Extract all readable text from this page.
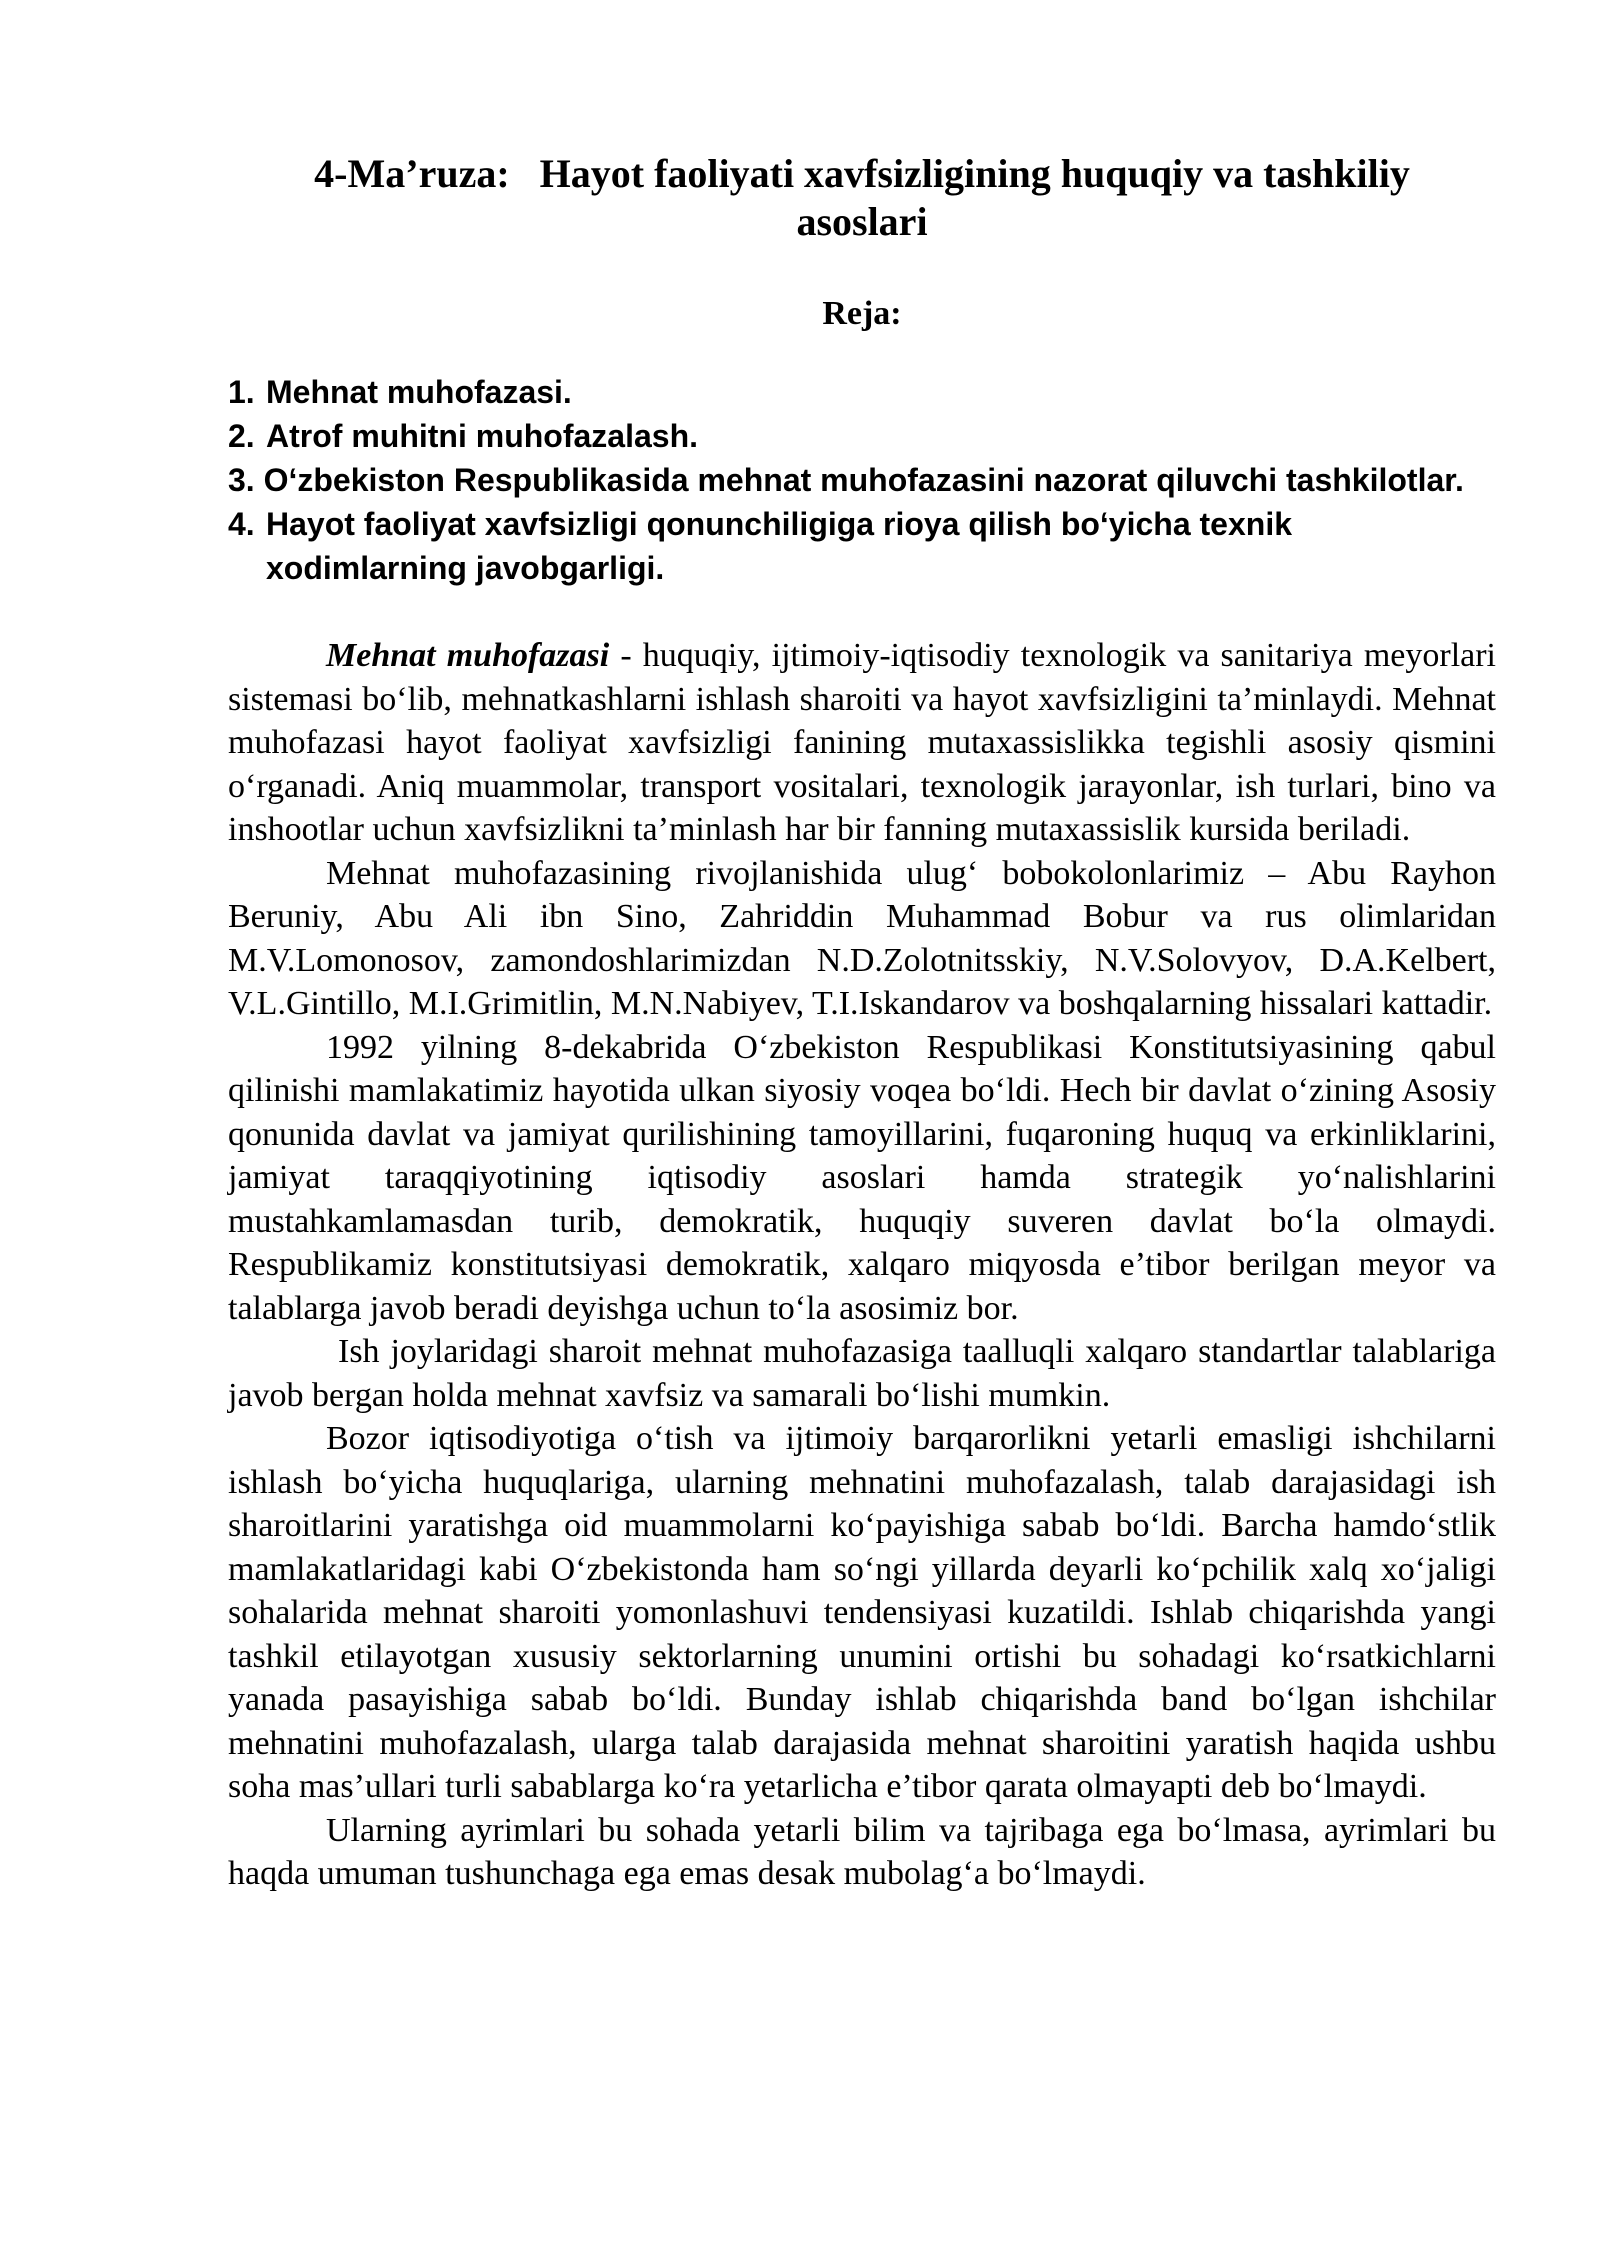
4-Ma’ruza:   Hayot faoliyati xavfsizligining huquqiy va tashkiliy
asoslari
Reja:
1. Mehnat muhofazasi.
2. Atrof muhitni muhofazalash.
3. O‘zbekiston Respublikasida mehnat muhofazasini nazorat qiluvchi tashkilotlar.
4. Hayot faoliyat xavfsizligi qonunchiligiga rioya qilish bo‘yicha texnik xodimlarning javobgarligi.

Mehnat muhofazasi - huquqiy, ijtimoiy-iqtisodiy texnologik va sanitariya meyorlari sistemasi bo‘lib, mehnatkashlarni ishlash sharoiti va hayot xavfsizligini ta’minlaydi. Mehnat muhofazasi hayot faoliyat xavfsizligi fanining mutaxassislikka tegishli asosiy qismini o‘rganadi. Aniq muammolar, transport vositalari, texnologik jarayonlar, ish turlari, bino va inshootlar uchun xavfsizlikni ta’minlash har bir fanning mutaxassislik kursida beriladi.

Mehnat muhofazasining rivojlanishida ulug‘ bobokolonlarimiz – Abu Rayhon Beruniy, Abu Ali ibn Sino, Zahriddin Muhammad Bobur va rus olimlaridan M.V.Lomonosov, zamondoshlarimizdan N.D.Zolotnitsskiy, N.V.Solovyov, D.A.Kelbert, V.L.Gintillo, M.I.Grimitlin, M.N.Nabiyev, T.I.Iskandarov va boshqalarning hissalari kattadir.

1992 yilning 8-dekabrida O‘zbekiston Respublikasi Konstitutsiyasining qabul qilinishi mamlakatimiz hayotida ulkan siyosiy voqea bo‘ldi. Hech bir davlat o‘zining Asosiy qonunida davlat va jamiyat qurilishining tamoyillarini, fuqaroning huquq va erkinliklarini, jamiyat taraqqiyotining iqtisodiy asoslari hamda strategik yo‘nalishlarini mustahkamlamasdan turib, demokratik, huquqiy suveren davlat bo‘la olmaydi. Respublikamiz konstitutsiyasi demokratik, xalqaro miqyosda e’tibor berilgan meyor va talablarga javob beradi deyishga uchun to‘la asosimiz bor.

Ish joylaridagi sharoit mehnat muhofazasiga taalluqli xalqaro standartlar talablariga javob bergan holda mehnat xavfsiz va samarali bo‘lishi mumkin.

Bozor iqtisodiyotiga o‘tish va ijtimoiy barqarorlikni yetarli emasligi ishchilarni ishlash bo‘yicha huquqlariga, ularning mehnatini muhofazalash, talab darajasidagi ish sharoitlarini yaratishga oid muammolarni ko‘payishiga sabab bo‘ldi. Barcha hamdo‘stlik mamlakatlaridagi kabi O‘zbekistonda ham so‘ngi yillarda deyarli ko‘pchilik xalq xo‘jaligi sohalarida mehnat sharoiti yomonlashuvi tendensiyasi kuzatildi. Ishlab chiqarishda yangi tashkil etilayotgan xususiy sektorlarning unumini ortishi bu sohadagi ko‘rsatkichlarni yanada pasayishiga sabab bo‘ldi. Bunday ishlab chiqarishda band bo‘lgan ishchilar mehnatini muhofazalash, ularga talab darajasida mehnat sharoitini yaratish haqida ushbu soha mas’ullari turli sabablarga ko‘ra yetarlicha e’tibor qarata olmayapti deb bo‘lmaydi.

Ularning ayrimlari bu sohada yetarli bilim va tajribaga ega bo‘lmasa, ayrimlari bu haqda umuman tushunchaga ega emas desak mubolag‘a bo‘lmaydi.
